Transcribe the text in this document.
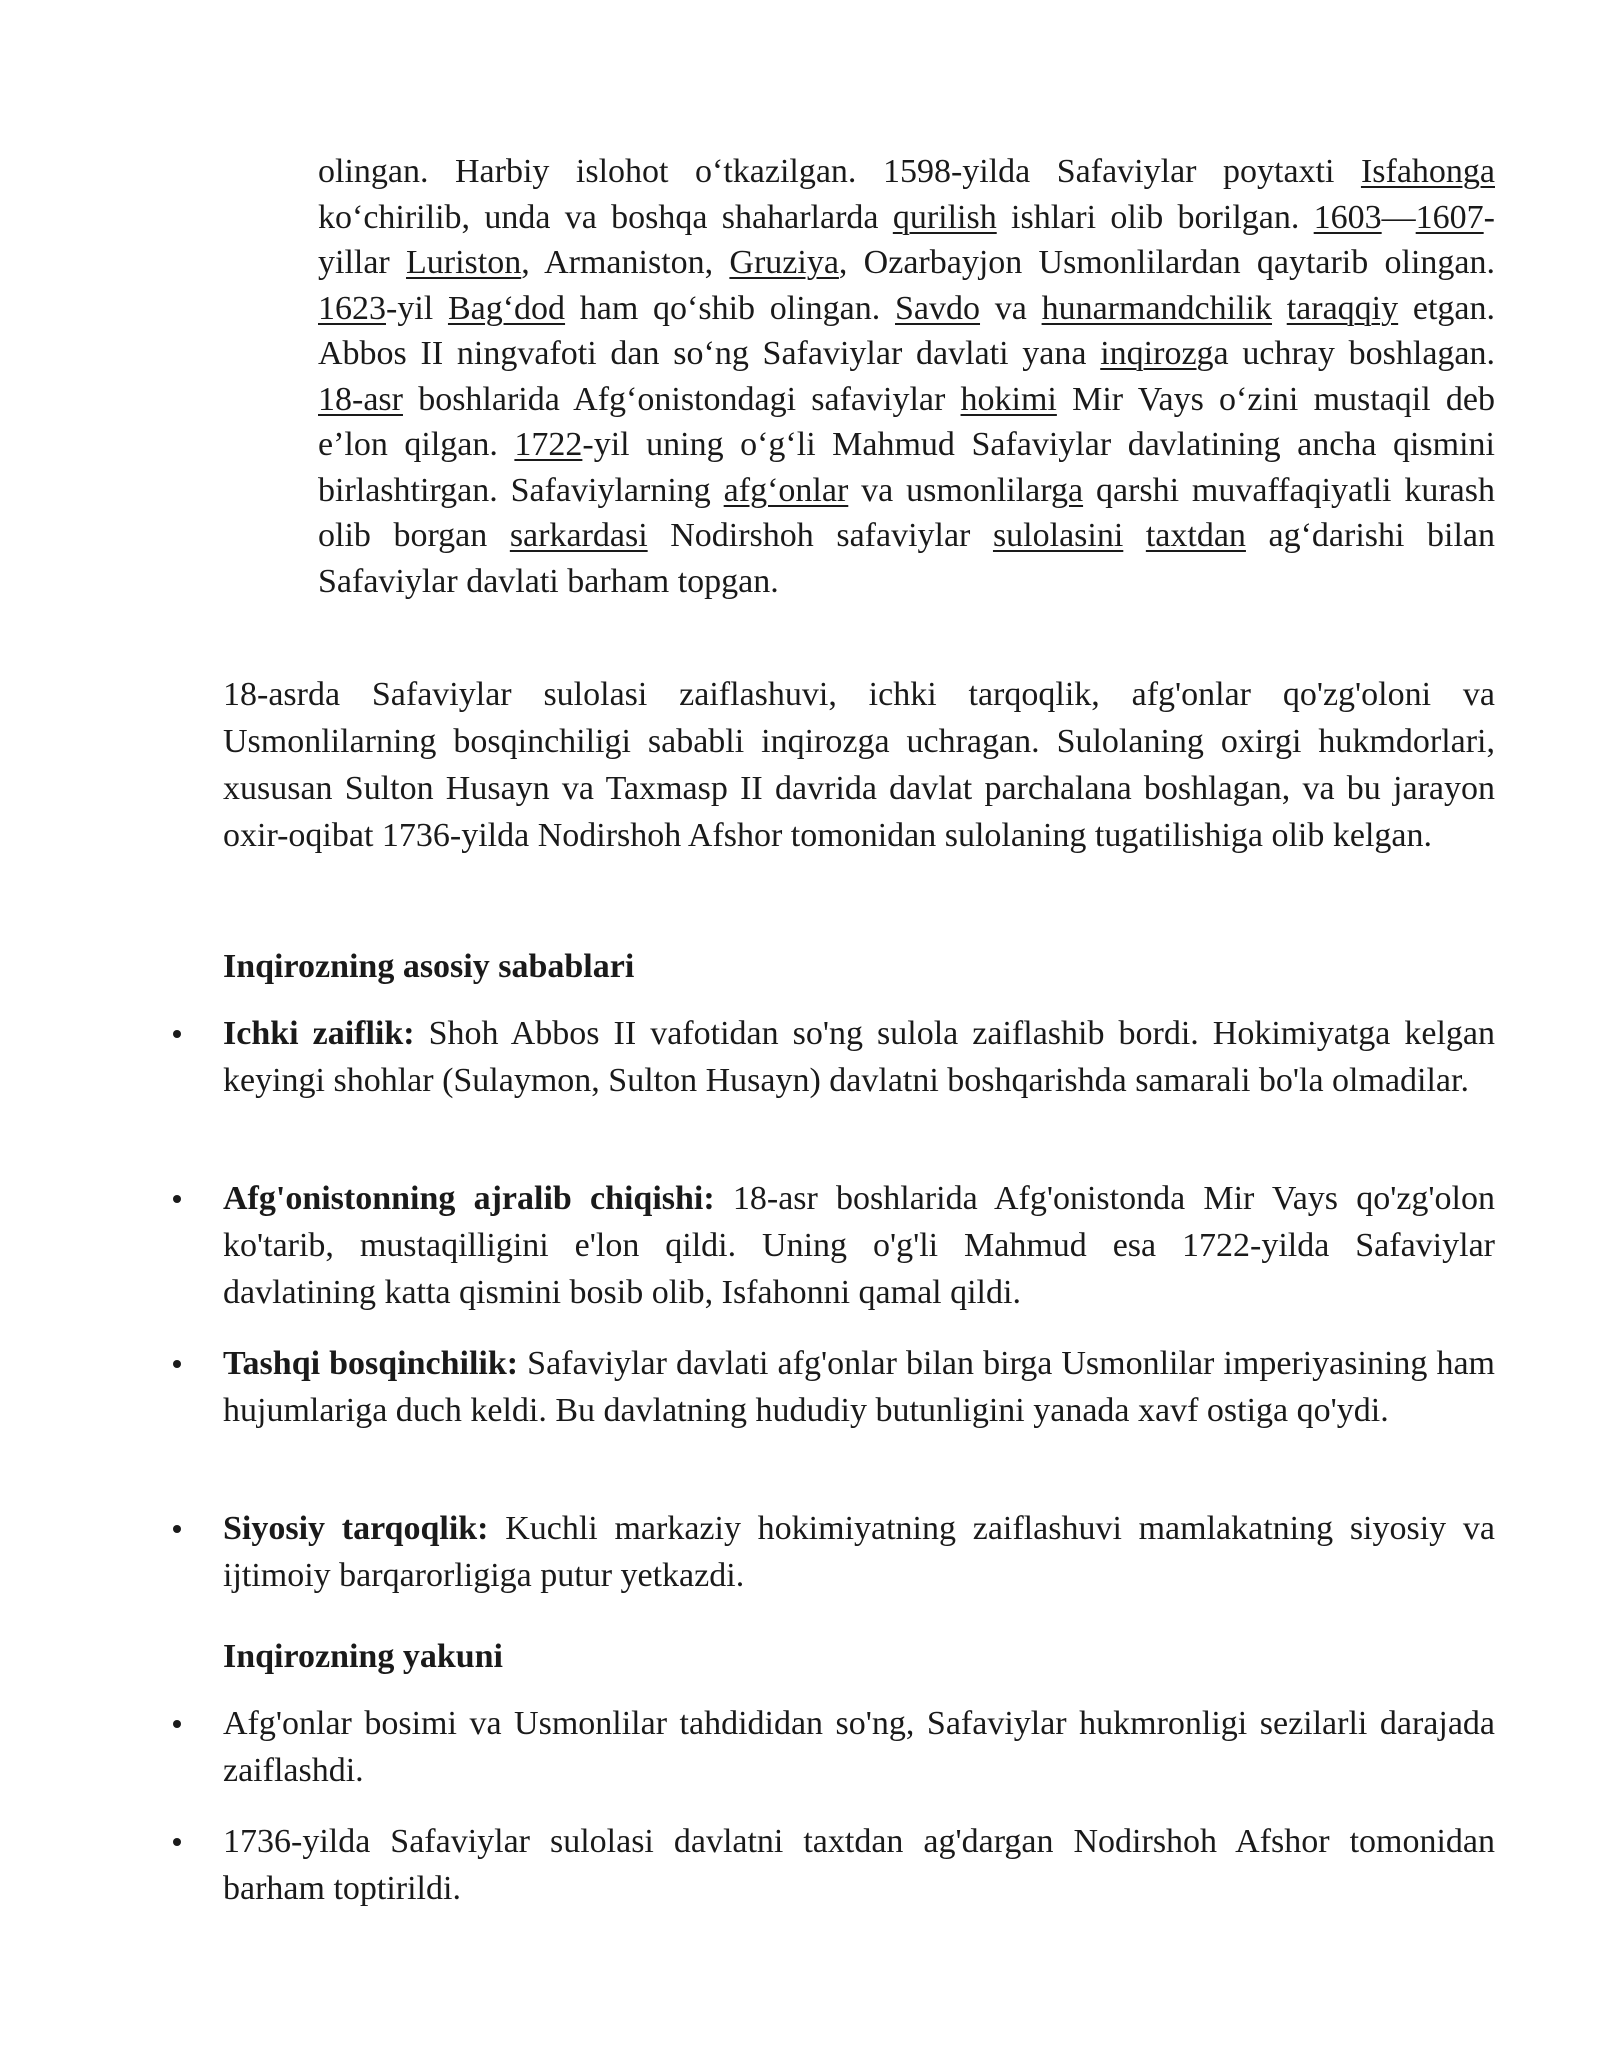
olingan. Harbiy islohot o‘tkazilgan. 1598-yilda Safaviylar poytaxti Isfahonga ko‘chirilib, unda va boshqa shaharlarda qurilish ishlari olib borilgan. 1603—1607-yillar Luriston, Armaniston, Gruziya, Ozarbayjon Usmonlilardan qaytarib olingan. 1623-yil Bag‘dod ham qo‘shib olingan. Savdo va hunarmandchilik taraqqiy etgan. Abbos II ningvafoti dan so‘ng Safaviylar davlati yana inqirozga uchray boshlagan. 18-asr boshlarida Afg‘onistondagi safaviylar hokimi Mir Vays o‘zini mustaqil deb e’lon qilgan. 1722-yil uning o‘g‘li Mahmud Safaviylar davlatining ancha qismini birlashtirgan. Safaviylarning afg‘onlar va usmonlilarga qarshi muvaffaqiyatli kurash olib borgan sarkardasi Nodirshoh safaviylar sulolasini taxtdan ag‘darishi bilan Safaviylar davlati barham topgan.

18-asrda Safaviylar sulolasi zaiflashuvi, ichki tarqoqlik, afg'onlar qo'zg'oloni va Usmonlilarning bosqinchiligi sababli inqirozga uchragan. Sulolaning oxirgi hukmdorlari, xususan Sulton Husayn va Taxmasp II davrida davlat parchalana boshlagan, va bu jarayon oxir-oqibat 1736-yilda Nodirshoh Afshor tomonidan sulolaning tugatilishiga olib kelgan.

Inqirozning asosiy sabablari
Ichki zaiflik: Shoh Abbos II vafotidan so'ng sulola zaiflashib bordi. Hokimiyatga kelgan keyingi shohlar (Sulaymon, Sulton Husayn) davlatni boshqarishda samarali bo'la olmadilar.
Afg'onistonning ajralib chiqishi: 18-asr boshlarida Afg'onistonda Mir Vays qo'zg'olon ko'tarib, mustaqilligini e'lon qildi. Uning o'g'li Mahmud esa 1722-yilda Safaviylar davlatining katta qismini bosib olib, Isfahonni qamal qildi.
Tashqi bosqinchilik: Safaviylar davlati afg'onlar bilan birga Usmonlilar imperiyasining ham hujumlariga duch keldi. Bu davlatning hududiy butunligini yanada xavf ostiga qo'ydi.
Siyosiy tarqoqlik: Kuchli markaziy hokimiyatning zaiflashuvi mamlakatning siyosiy va ijtimoiy barqarorligiga putur yetkazdi.
Inqirozning yakuni
Afg'onlar bosimi va Usmonlilar tahdididan so'ng, Safaviylar hukmronligi sezilarli darajada zaiflashdi.
1736-yilda Safaviylar sulolasi davlatni taxtdan ag'dargan Nodirshoh Afshor tomonidan barham toptirildi.
